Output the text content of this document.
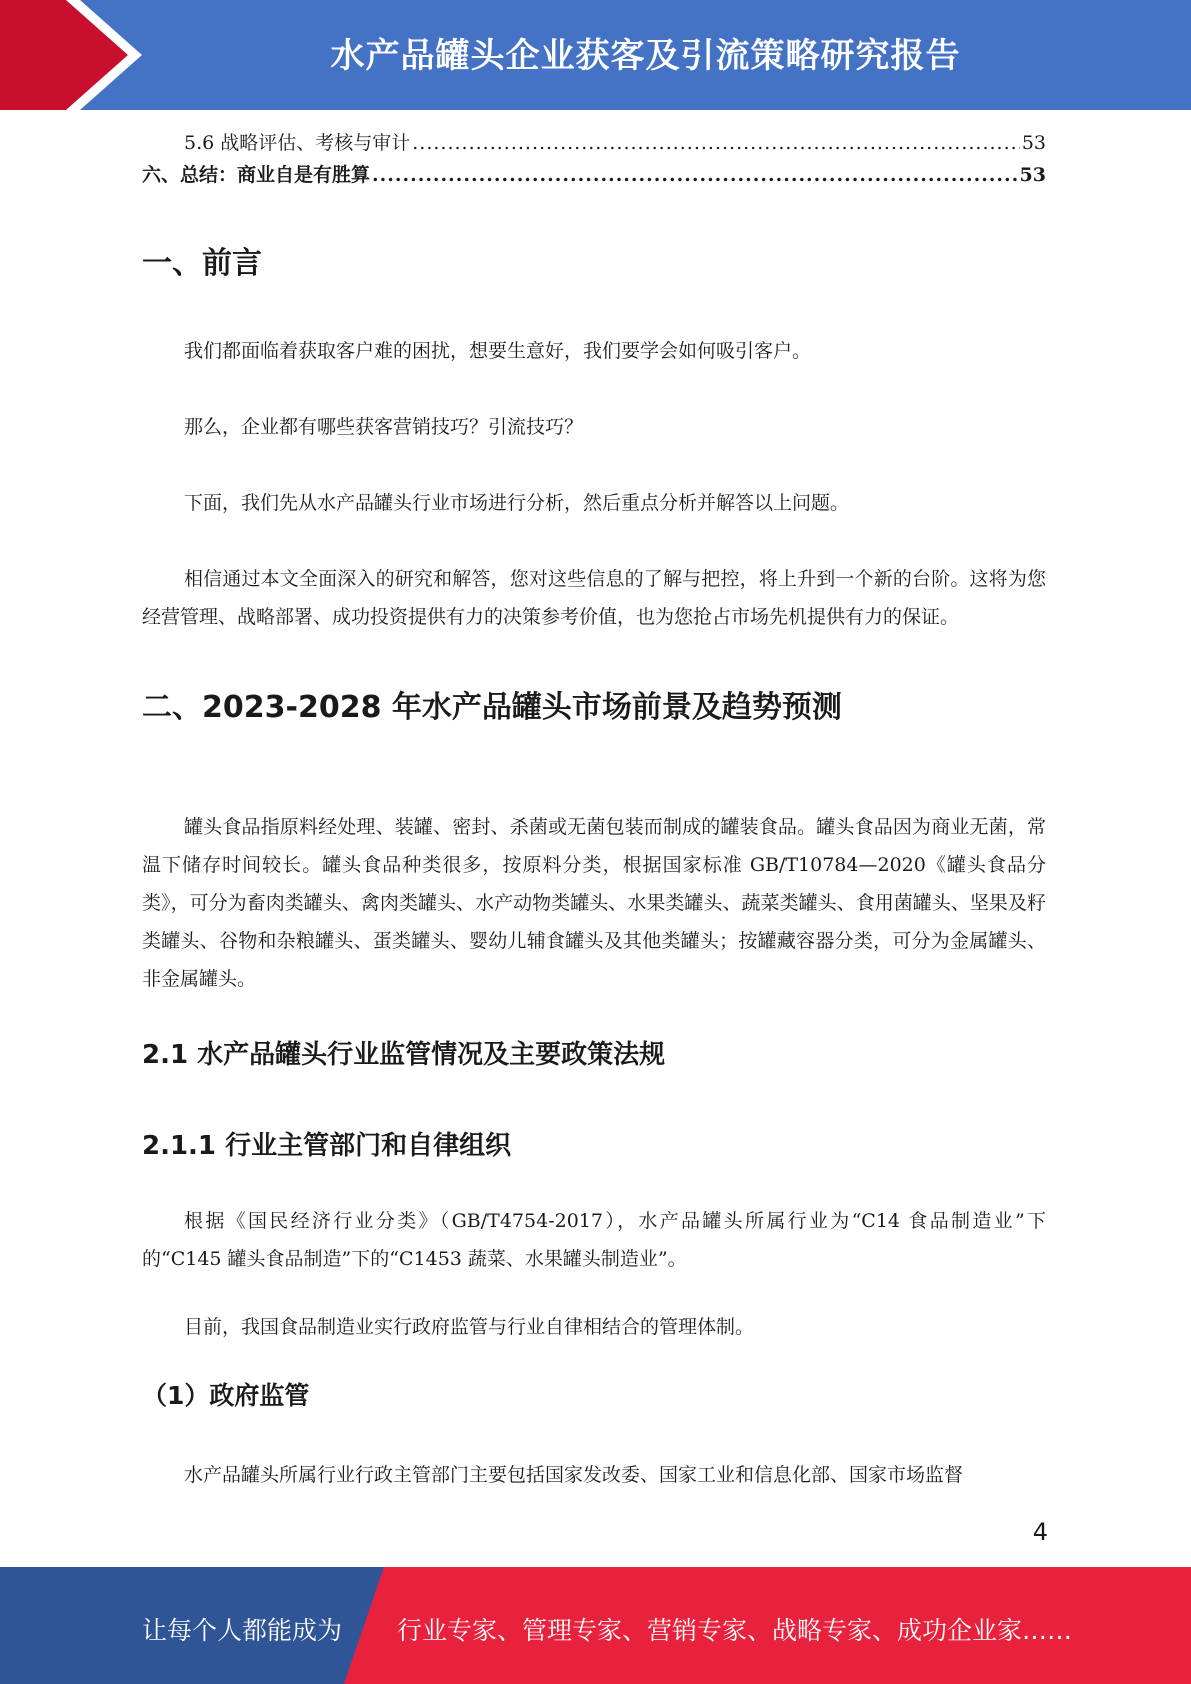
水产品罐头企业获客及引流策略研究报告
5.6 战略评估、考核与审计 .....	53
六、总结：商业自是有胜算 .....	53
一、前言

我们都面临着获取客户难的困扰，想要生意好，我们要学会如何吸引客户。

那么，企业都有哪些获客营销技巧？引流技巧？

下面，我们先从水产品罐头行业市场进行分析，然后重点分析并解答以上问题。

相信通过本文全面深入的研究和解答，您对这些信息的了解与把控，将上升到一个新的台阶。这将为您经营管理、战略部署、成功投资提供有力的决策参考价值，也为您抢占市场先机提供有力的保证。

二、2023-2028 年水产品罐头市场前景及趋势预测

罐头食品指原料经处理、装罐、密封、杀菌或无菌包装而制成的罐装食品。罐头食品因为商业无菌，常温下储存时间较长。罐头食品种类很多，按原料分类，根据国家标准 GB/T10784—2020《罐头食品分类》，可分为畜肉类罐头、禽肉类罐头、水产动物类罐头、水果类罐头、蔬菜类罐头、食用菌罐头、坚果及籽类罐头、谷物和杂粮罐头、蛋类罐头、婴幼儿辅食罐头及其他类罐头；按罐藏容器分类，可分为金属罐头、非金属罐头。

2.1 水产品罐头行业监管情况及主要政策法规
2.1.1 行业主管部门和自律组织

根据《国民经济行业分类》（GB/T4754-2017），水产品罐头所属行业为“C14 食品制造业”下的“C145 罐头食品制造”下的“C1453 蔬菜、水果罐头制造业”。

目前，我国食品制造业实行政府监管与行业自律相结合的管理体制。

（1）政府监管

水产品罐头所属行业行政主管部门主要包括国家发改委、国家工业和信息化部、国家市场监督

4
让每个人都能成为 行业专家、管理专家、营销专家、战略专家、成功企业家……
